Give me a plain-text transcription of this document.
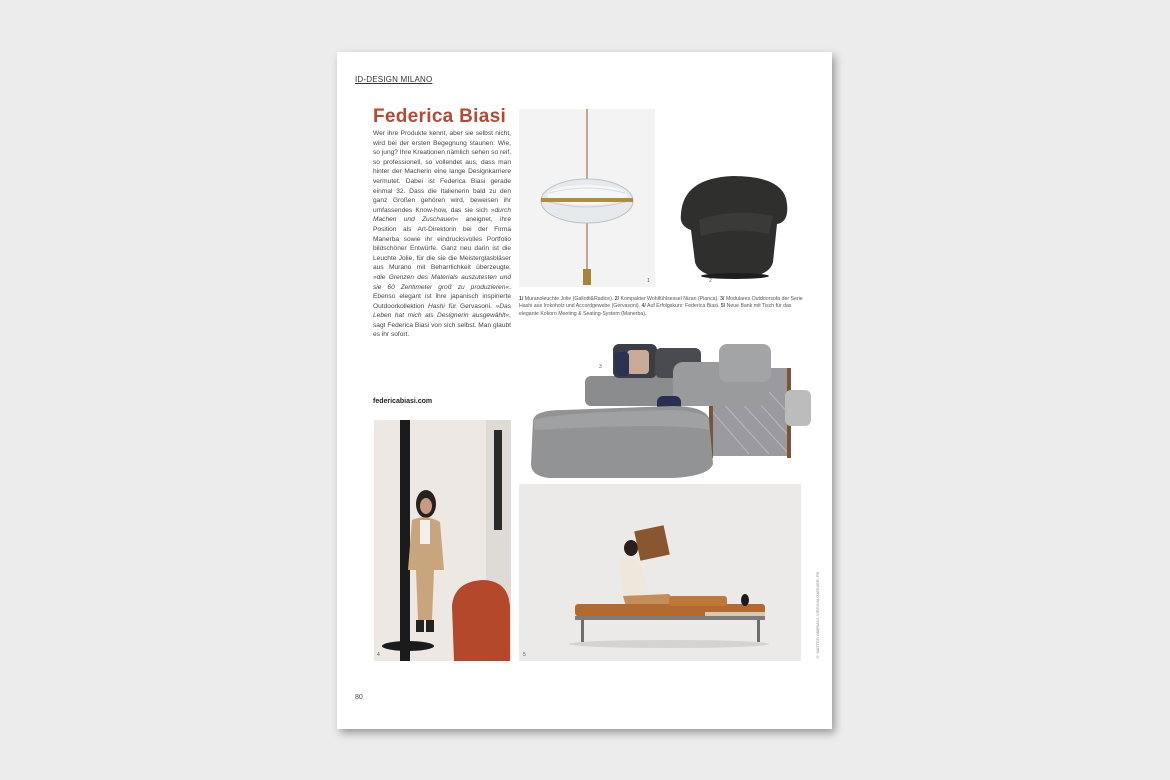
ID-DESIGN MILANO
Federica Biasi
Wer ihre Produkte kennt, aber sie selbst nicht, wird bei der ersten Begegnung staunen: Wie, so jung? Ihre Kreationen nämlich sehen so reif, so professionell, so vollendet aus, dass man hinter der Macherin eine lange Designkarriere vermutet. Dabei ist Federica Biasi gerade einmal 32. Dass die Italienerin bald zu den ganz Großen gehören wird, beweisen ihr umfassendes Know-how, das sie sich »durch Machen und Zuschauen« aneignet, ihre Position als Art-Direktorin bei der Firma Manerba sowie ihr eindrucksvolles Portfolio bildschöner Entwürfe. Ganz neu darin ist die Leuchte Jolie, für die sie die Meisterglasbläser aus Murano mit Beharrlichkeit überzeugte, »die Grenzen des Materials auszutesten und sie 60 Zentimeter groß zu produzieren«. Ebenso elegant ist ihre japanisch inspirierte Outdoorkollektion Hashi für Gervasoni. »Das Leben hat mich als Designerin ausgewählt«, sagt Federica Biasi von sich selbst. Man glaubt es ihr sofort.
federicabiasi.com
1	2
1/ Muranoleuchte Jolie (Gallotti&Radice). 2/ Kompakter Wohlfühlsessel Nizan (Pianca). 3/ Modulares Outdoorsofa der Serie Hashi aus Irokoholz und Accordgewebe (Gervasoni). 4/ Auf Erfolgskurs: Federica Biasi. 5/ Neue Bank mit Tisch für das elegante Kokoro Meeting & Seating-System (Manerba).
3
4	5	© MATTEO IMBRIANI, VIRGINIA GARNIER, FB
80
